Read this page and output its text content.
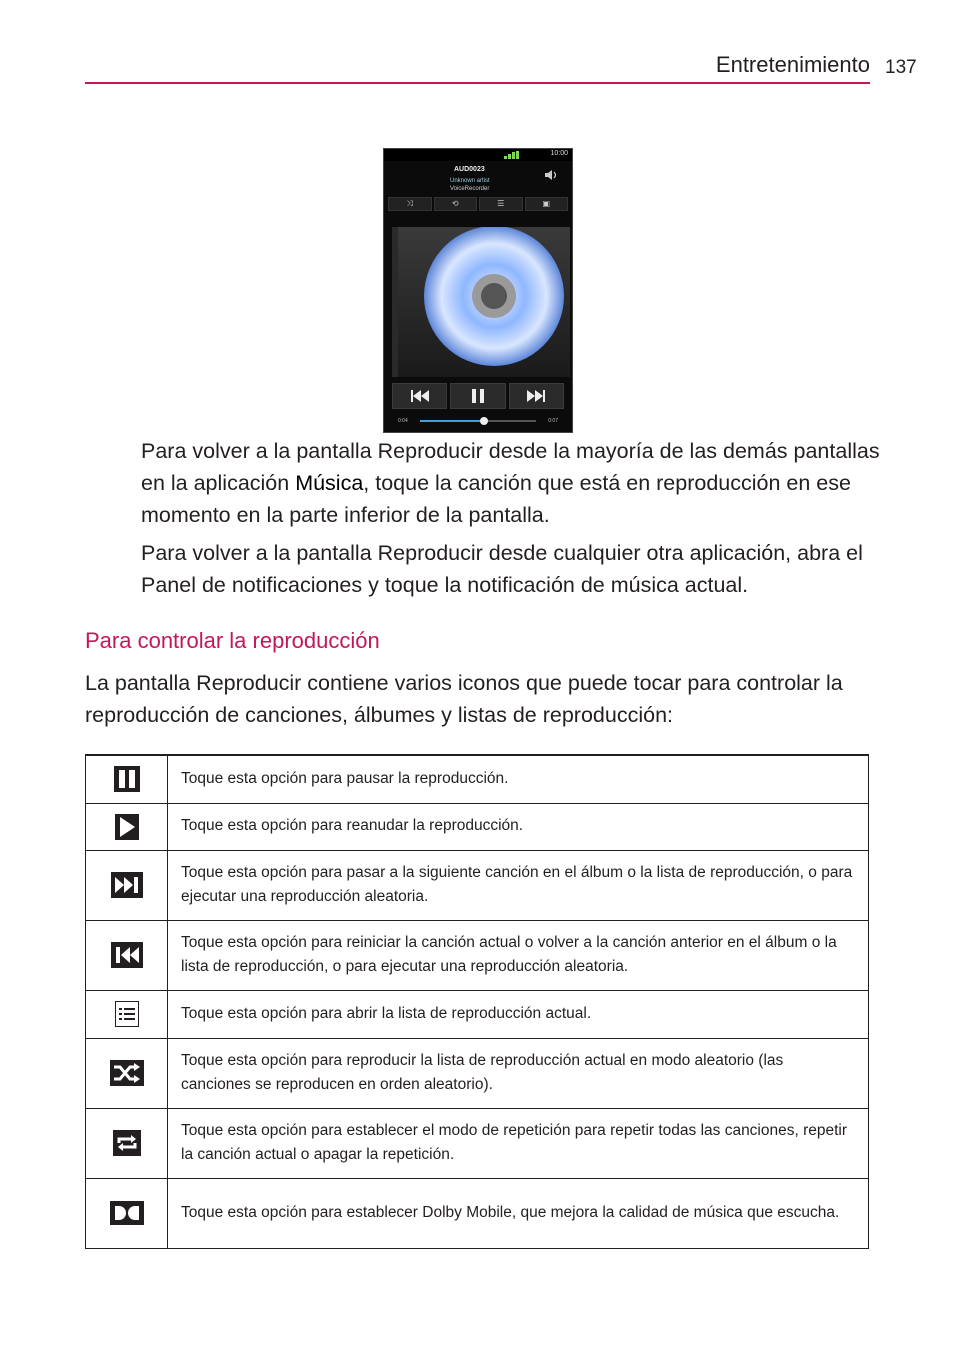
Entretenimiento 137
10:00
AUD0023
Unknown artist
VoiceRecorder
⤨	⟲	☰	▣
0:04	0:07

Para volver a la pantalla Reproducir desde la mayoría de las demás pantallas en la aplicación Música, toque la canción que está en reproducción en ese momento en la parte inferior de la pantalla.

Para volver a la pantalla Reproducir desde cualquier otra aplicación, abra el Panel de notificaciones y toque la notificación de música actual.

Para controlar la reproducción

La pantalla Reproducir contiene varios iconos que puede tocar para controlar la reproducción de canciones, álbumes y listas de reproducción:

	Toque esta opción para pausar la reproducción.
	Toque esta opción para reanudar la reproducción.
	Toque esta opción para pasar a la siguiente canción en el álbum o la lista de reproducción, o para ejecutar una reproducción aleatoria.
	Toque esta opción para reiniciar la canción actual o volver a la canción anterior en el álbum o la lista de reproducción, o para ejecutar una reproducción aleatoria.
	Toque esta opción para abrir la lista de reproducción actual.
	Toque esta opción para reproducir la lista de reproducción actual en modo aleatorio (las canciones se reproducen en orden aleatorio).
	Toque esta opción para establecer el modo de repetición para repetir todas las canciones, repetir la canción actual o apagar la repetición.
	Toque esta opción para establecer Dolby Mobile, que mejora la calidad de música que escucha.
